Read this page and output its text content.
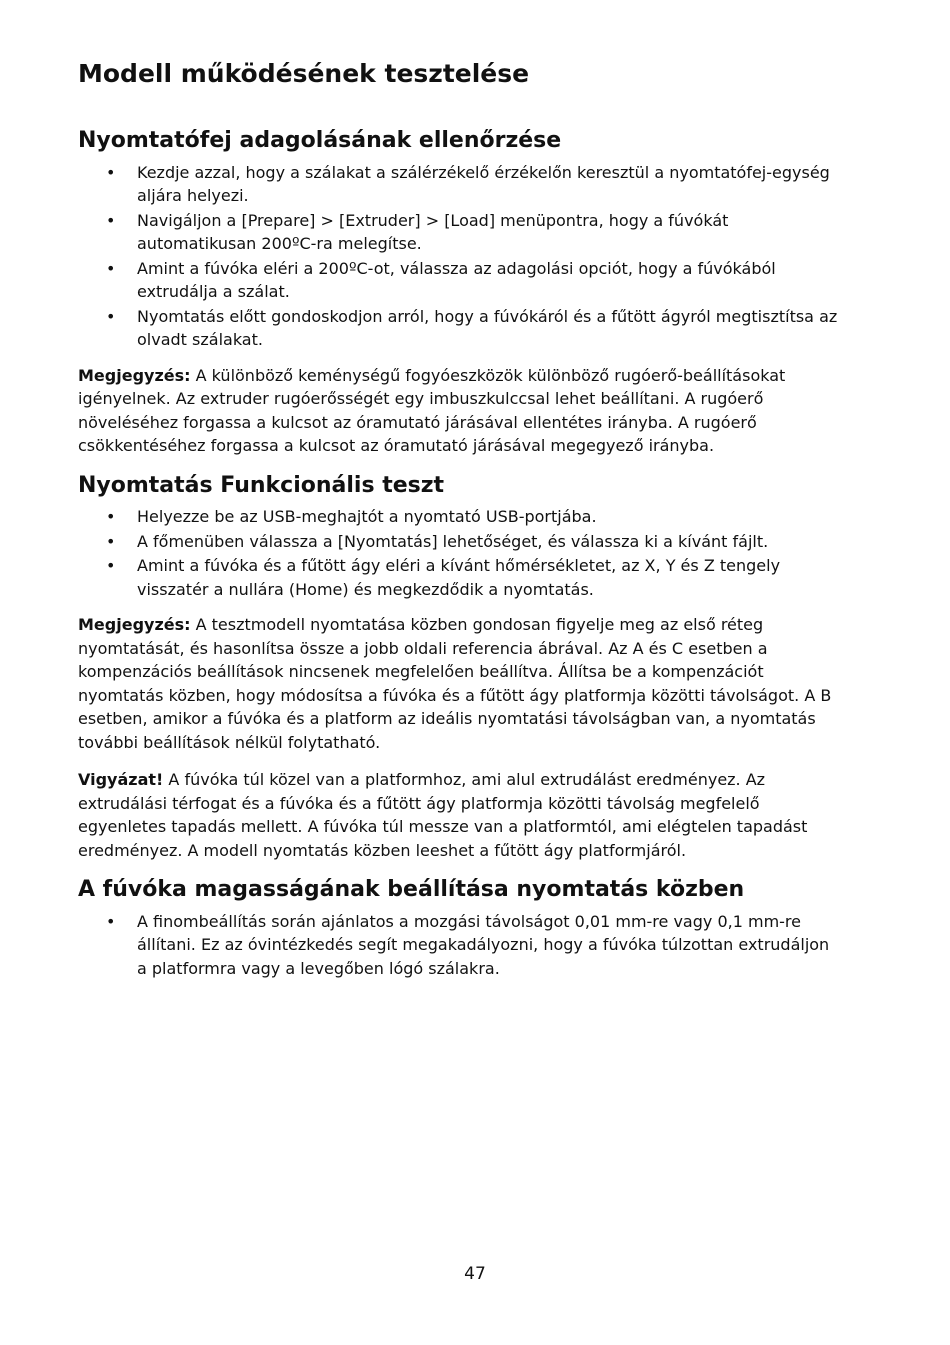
Modell működésének tesztelése
Nyomtatófej adagolásának ellenőrzése
• Kezdje azzal, hogy a szálakat a szálérzékelő érzékelőn keresztül a nyomtatófej-egység aljára helyezi.
• Navigáljon a [Prepare] > [Extruder] > [Load] menüpontra, hogy a fúvókát automatikusan 200ºC-ra melegítse.
• Amint a fúvóka eléri a 200ºC-ot, válassza az adagolási opciót, hogy a fúvókából extrudálja a szálat.
• Nyomtatás előtt gondoskodjon arról, hogy a fúvókáról és a fűtött ágyról megtisztítsa az olvadt szálakat.

Megjegyzés: A különböző keménységű fogyóeszközök különböző rugóerő-beállításokat igényelnek. Az extruder rugóerősségét egy imbuszkulccsal lehet beállítani. A rugóerő növeléséhez forgassa a kulcsot az óramutató járásával ellentétes irányba. A rugóerő csökkentéséhez forgassa a kulcsot az óramutató járásával megegyező irányba.

Nyomtatás Funkcionális teszt
• Helyezze be az USB-meghajtót a nyomtató USB-portjába.
• A főmenüben válassza a [Nyomtatás] lehetőséget, és válassza ki a kívánt fájlt.
• Amint a fúvóka és a fűtött ágy eléri a kívánt hőmérsékletet, az X, Y és Z tengely visszatér a nullára (Home) és megkezdődik a nyomtatás.

Megjegyzés: A tesztmodell nyomtatása közben gondosan figyelje meg az első réteg nyomtatását, és hasonlítsa össze a jobb oldali referencia ábrával. Az A és C esetben a kompenzációs beállítások nincsenek megfelelően beállítva. Állítsa be a kompenzációt nyomtatás közben, hogy módosítsa a fúvóka és a fűtött ágy platformja közötti távolságot. A B esetben, amikor a fúvóka és a platform az ideális nyomtatási távolságban van, a nyomtatás további beállítások nélkül folytatható.

Vigyázat! A fúvóka túl közel van a platformhoz, ami alul extrudálást eredményez. Az extrudálási térfogat és a fúvóka és a fűtött ágy platformja közötti távolság megfelelő egyenletes tapadás mellett. A fúvóka túl messze van a platformtól, ami elégtelen tapadást eredményez. A modell nyomtatás közben leeshet a fűtött ágy platformjáról.

A fúvóka magasságának beállítása nyomtatás közben
• A finombeállítás során ajánlatos a mozgási távolságot 0,01 mm-re vagy 0,1 mm-re állítani. Ez az óvintézkedés segít megakadályozni, hogy a fúvóka túlzottan extrudáljon a platformra vagy a levegőben lógó szálakra.
47
